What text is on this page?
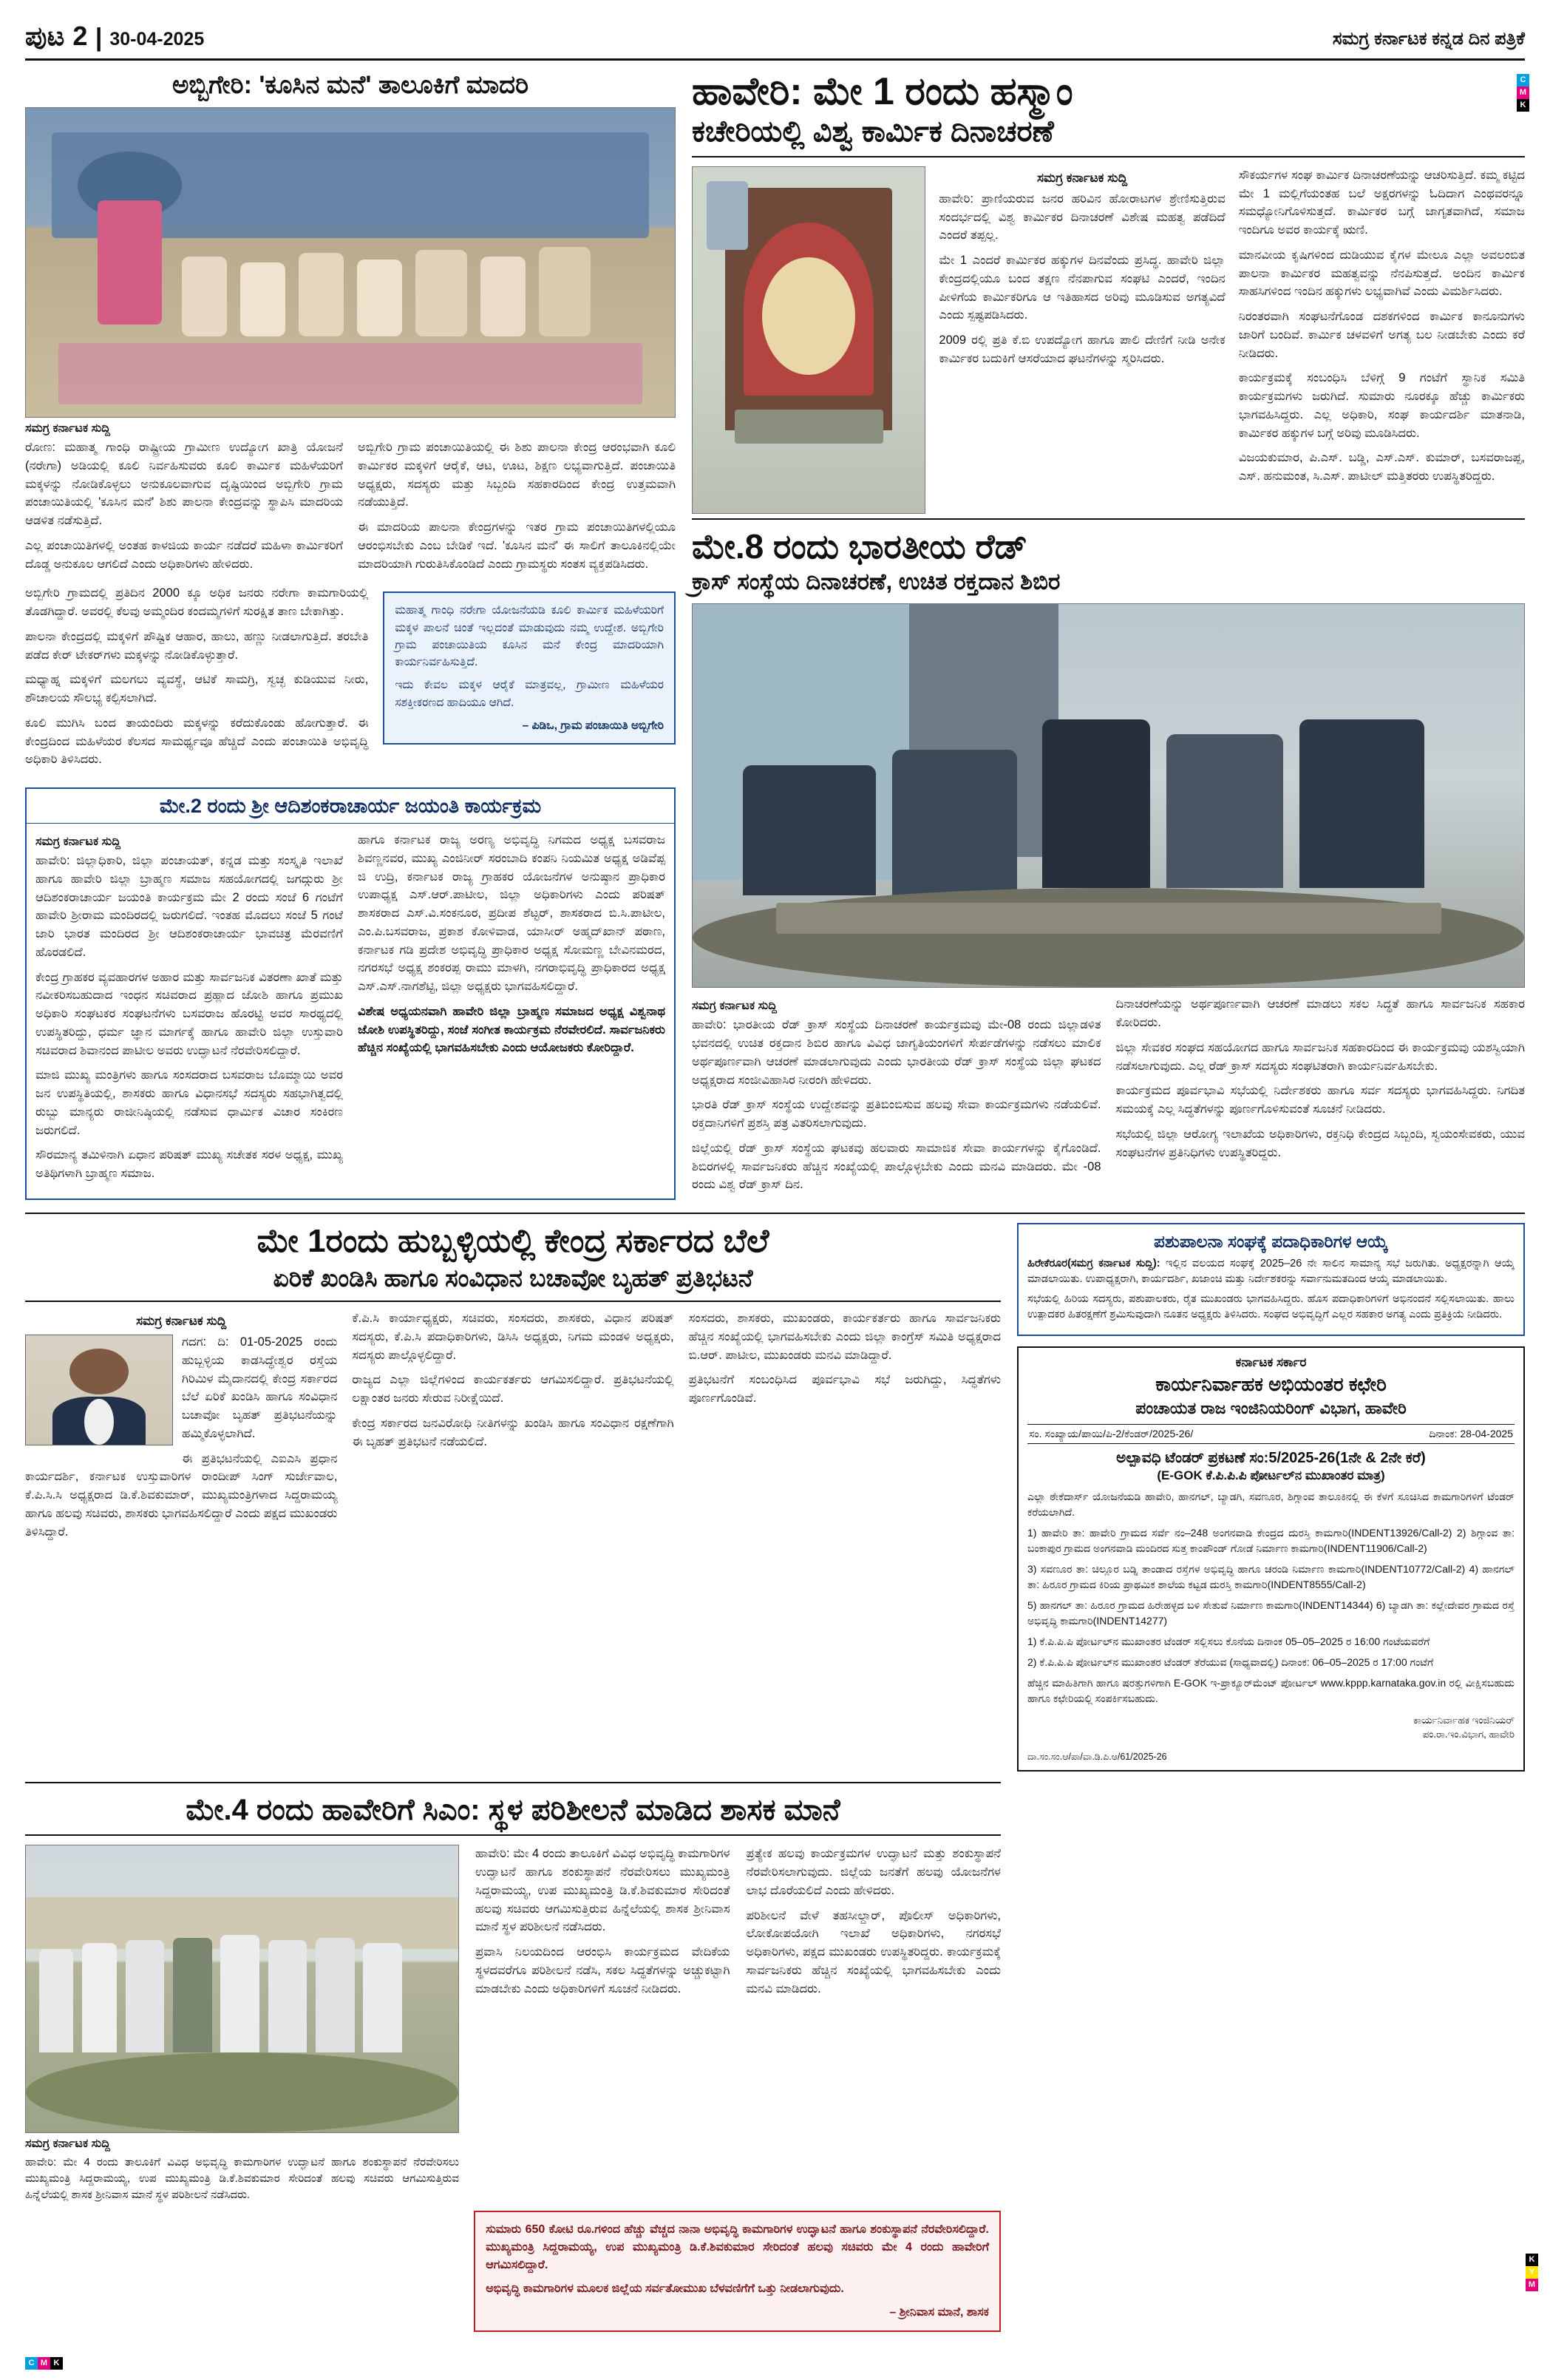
ಪುಟ 2 | 30-04-2025	ಸಮಗ್ರ ಕರ್ನಾಟಕ ಕನ್ನಡ ದಿನ ಪತ್ರಿಕೆ
ಅಬ್ಬಿಗೇರಿ: 'ಕೂಸಿನ ಮನೆ' ತಾಲೂಕಿಗೆ ಮಾದರಿ
ಸಮಗ್ರ ಕರ್ನಾಟಕ ಸುದ್ದಿ

ರೋಣ: ಮಹಾತ್ಮ ಗಾಂಧಿ ರಾಷ್ಟ್ರೀಯ ಗ್ರಾಮೀಣ ಉದ್ಯೋಗ ಖಾತ್ರಿ ಯೋಜನೆ (ನರೇಗಾ) ಅಡಿಯಲ್ಲಿ ಕೂಲಿ ನಿರ್ವಹಿಸುವರು ಕೂಲಿ ಕಾರ್ಮಿಕ ಮಹಿಳೆಯರಿಗೆ ಮಕ್ಕಳನ್ನು ನೋಡಿಕೊಳ್ಳಲು ಅನುಕೂಲವಾಗುವ ದೃಷ್ಟಿಯಿಂದ ಅಬ್ಬಿಗೇರಿ ಗ್ರಾಮ ಪಂಚಾಯಿತಿಯಲ್ಲಿ 'ಕೂಸಿನ ಮನೆ' ಶಿಶು ಪಾಲನಾ ಕೇಂದ್ರವನ್ನು ಸ್ಥಾಪಿಸಿ ಮಾದರಿಯ ಆಡಳಿತ ನಡೆಸುತ್ತಿದೆ.

ಎಲ್ಲ ಪಂಚಾಯಿತಿಗಳಲ್ಲಿ ಅಂತಹ ಕಾಳಜಿಯ ಕಾರ್ಯ ನಡೆದರೆ ಮಹಿಳಾ ಕಾರ್ಮಿಕರಿಗೆ ದೊಡ್ಡ ಅನುಕೂಲ ಆಗಲಿದೆ ಎಂದು ಅಧಿಕಾರಿಗಳು ಹೇಳಿದರು.

ಅಬ್ಬಿಗೇರಿ ಗ್ರಾಮ ಪಂಚಾಯಿತಿಯಲ್ಲಿ ಈ ಶಿಶು ಪಾಲನಾ ಕೇಂದ್ರ ಆರಂಭವಾಗಿ ಕೂಲಿ ಕಾರ್ಮಿಕರ ಮಕ್ಕಳಿಗೆ ಆರೈಕೆ, ಆಟ, ಊಟ, ಶಿಕ್ಷಣ ಲಭ್ಯವಾಗುತ್ತಿದೆ. ಪಂಚಾಯಿತಿ ಅಧ್ಯಕ್ಷರು, ಸದಸ್ಯರು ಮತ್ತು ಸಿಬ್ಬಂದಿ ಸಹಕಾರದಿಂದ ಕೇಂದ್ರ ಉತ್ತಮವಾಗಿ ನಡೆಯುತ್ತಿದೆ.

ಈ ಮಾದರಿಯ ಪಾಲನಾ ಕೇಂದ್ರಗಳನ್ನು ಇತರ ಗ್ರಾಮ ಪಂಚಾಯಿತಿಗಳಲ್ಲಿಯೂ ಆರಂಭಿಸಬೇಕು ಎಂಬ ಬೇಡಿಕೆ ಇದೆ. 'ಕೂಸಿನ ಮನೆ' ಈ ಸಾಲಿಗೆ ತಾಲೂಕಿನಲ್ಲಿಯೇ ಮಾದರಿಯಾಗಿ ಗುರುತಿಸಿಕೊಂಡಿದೆ ಎಂದು ಗ್ರಾಮಸ್ಥರು ಸಂತಸ ವ್ಯಕ್ತಪಡಿಸಿದರು.

ಅಬ್ಬಿಗೇರಿ ಗ್ರಾಮದಲ್ಲಿ ಪ್ರತಿದಿನ 2000 ಕ್ಕೂ ಅಧಿಕ ಜನರು ನರೇಗಾ ಕಾಮಗಾರಿಯಲ್ಲಿ ತೊಡಗಿದ್ದಾರೆ. ಅವರಲ್ಲಿ ಕೆಲವು ಅಮ್ಮಂದಿರ ಕಂದಮ್ಮಗಳಿಗೆ ಸುರಕ್ಷಿತ ತಾಣ ಬೇಕಾಗಿತ್ತು.

ಪಾಲನಾ ಕೇಂದ್ರದಲ್ಲಿ ಮಕ್ಕಳಿಗೆ ಪೌಷ್ಟಿಕ ಆಹಾರ, ಹಾಲು, ಹಣ್ಣು ನೀಡಲಾಗುತ್ತಿದೆ. ತರಬೇತಿ ಪಡೆದ ಕೇರ್ ಟೇಕರ್‌ಗಳು ಮಕ್ಕಳನ್ನು ನೋಡಿಕೊಳ್ಳುತ್ತಾರೆ.

ಮಧ್ಯಾಹ್ನ ಮಕ್ಕಳಿಗೆ ಮಲಗಲು ವ್ಯವಸ್ಥೆ, ಆಟಿಕೆ ಸಾಮಗ್ರಿ, ಸ್ವಚ್ಛ ಕುಡಿಯುವ ನೀರು, ಶೌಚಾಲಯ ಸೌಲಭ್ಯ ಕಲ್ಪಿಸಲಾಗಿದೆ.

ಕೂಲಿ ಮುಗಿಸಿ ಬಂದ ತಾಯಂದಿರು ಮಕ್ಕಳನ್ನು ಕರೆದುಕೊಂಡು ಹೋಗುತ್ತಾರೆ. ಈ ಕೇಂದ್ರದಿಂದ ಮಹಿಳೆಯರ ಕೆಲಸದ ಸಾಮರ್ಥ್ಯವೂ ಹೆಚ್ಚಿದೆ ಎಂದು ಪಂಚಾಯಿತಿ ಅಭಿವೃದ್ಧಿ ಅಧಿಕಾರಿ ತಿಳಿಸಿದರು.

ಮಹಾತ್ಮ ಗಾಂಧಿ ನರೇಗಾ ಯೋಜನೆಯಡಿ ಕೂಲಿ ಕಾರ್ಮಿಕ ಮಹಿಳೆಯರಿಗೆ ಮಕ್ಕಳ ಪಾಲನೆ ಚಿಂತೆ ಇಲ್ಲದಂತೆ ಮಾಡುವುದು ನಮ್ಮ ಉದ್ದೇಶ. ಅಬ್ಬಿಗೇರಿ ಗ್ರಾಮ ಪಂಚಾಯಿತಿಯ ಕೂಸಿನ ಮನೆ ಕೇಂದ್ರ ಮಾದರಿಯಾಗಿ ಕಾರ್ಯನಿರ್ವಹಿಸುತ್ತಿದೆ.

ಇದು ಕೇವಲ ಮಕ್ಕಳ ಆರೈಕೆ ಮಾತ್ರವಲ್ಲ, ಗ್ರಾಮೀಣ ಮಹಿಳೆಯರ ಸಶಕ್ತೀಕರಣದ ಹಾದಿಯೂ ಆಗಿದೆ.

– ಪಿಡಿಒ, ಗ್ರಾಮ ಪಂಚಾಯಿತಿ ಅಬ್ಬಿಗೇರಿ

ಮೇ.2 ರಂದು ಶ್ರೀ ಆದಿಶಂಕರಾಚಾರ್ಯ ಜಯಂತಿ ಕಾರ್ಯಕ್ರಮ
ಸಮಗ್ರ ಕರ್ನಾಟಕ ಸುದ್ದಿ

ಹಾವೇರಿ: ಜಿಲ್ಲಾಧಿಕಾರಿ, ಜಿಲ್ಲಾ ಪಂಚಾಯತ್, ಕನ್ನಡ ಮತ್ತು ಸಂಸ್ಕೃತಿ ಇಲಾಖೆ ಹಾಗೂ ಹಾವೇರಿ ಜಿಲ್ಲಾ ಬ್ರಾಹ್ಮಣ ಸಮಾಜ ಸಹಯೋಗದಲ್ಲಿ ಜಗದ್ಗುರು ಶ್ರೀ ಆದಿಶಂಕರಾಚಾರ್ಯ ಜಯಂತಿ ಕಾರ್ಯಕ್ರಮ ಮೇ 2 ರಂದು ಸಂಜೆ 6 ಗಂಟೆಗೆ ಹಾವೇರಿ ಶ್ರೀರಾಮ ಮಂದಿರದಲ್ಲಿ ಜರುಗಲಿದೆ. ಇಂತಹ ಮೊದಲು ಸಂಜೆ 5 ಗಂಟೆ ಜಾರಿ ಭಾರತ ಮಂದಿರದ ಶ್ರೀ ಆದಿಶಂಕರಾಚಾರ್ಯ ಭಾವಚಿತ್ರ ಮೆರವಣಿಗೆ ಹೊರಡಲಿದೆ.

ಕೇಂದ್ರ ಗ್ರಾಹಕರ ವ್ಯವಹಾರಗಳ ಅಹಾರ ಮತ್ತು ಸಾರ್ವಜನಿಕ ವಿತರಣಾ ಖಾತೆ ಮತ್ತು ನವೀಕರಿಸಬಹುದಾದ ಇಂಧನ ಸಚಿವರಾದ ಪ್ರಹ್ಲಾದ ಜೋಶಿ ಹಾಗೂ ಪ್ರಮುಖ ಅಧಿಕಾರಿ ಸಂಘಟಕರ ಸಂಘಟನೆಗಳು ಬಸವರಾಜ ಹೊರಟ್ಟಿ ಅವರ ಸಾರಥ್ಯದಲ್ಲಿ ಉಪಸ್ಥಿತರಿದ್ದು, ಧರ್ಮ ಜ್ಞಾನ ಮಾರ್ಗಕ್ಕೆ ಹಾಗೂ ಹಾವೇರಿ ಜಿಲ್ಲಾ ಉಸ್ತುವಾರಿ ಸಚಿವರಾದ ಶಿವಾನಂದ ಪಾಟೀಲ ಅವರು ಉದ್ಘಾಟನೆ ನೆರವೇರಿಸಲಿದ್ದಾರೆ.

ಮಾಜಿ ಮುಖ್ಯ ಮಂತ್ರಿಗಳು ಹಾಗೂ ಸಂಸದರಾದ ಬಸವರಾಜ ಬೊಮ್ಮಾಯಿ ಅವರ ಜನ ಉಪಸ್ಥಿತಿಯಲ್ಲಿ, ಶಾಸಕರು ಹಾಗೂ ವಿಧಾನಸಭೆ ಸದಸ್ಯರು ಸಹಭಾಗಿತ್ವದಲ್ಲಿ ರುಬ್ಬು ಮಾನ್ಯರು ರಾಜೀನಿಷ್ಠಿಯಲ್ಲಿ ನಡೆಸುವ ಧಾರ್ಮಿಕ ವಿಚಾರ ಸಂಕಿರಣ ಜರುಗಲಿದೆ.

ಸೌರಮಾನ್ಯ ತಮಿಳಿನಾಗಿ ಏಧಾನ ಪರಿಷತ್ ಮುಖ್ಯ ಸಚೇತಕ ಸರಳ ಅಧ್ಯಕ್ಷ, ಮುಖ್ಯ ಅತಿಥಿಗಳಾಗಿ ಬ್ರಾಹ್ಮಣ ಸಮಾಜ.

ಹಾಗೂ ಕರ್ನಾಟಕ ರಾಜ್ಯ ಅರಣ್ಯ ಅಭಿವೃದ್ಧಿ ನಿಗಮದ ಅಧ್ಯಕ್ಷ ಬಸವರಾಜ ಶಿವಣ್ಣನವರ, ಮುಖ್ಯ ಎಂಜಿನೀರ್ ಸರಂಬಾದಿ ಕಂಪನಿ ನಿಯಮಿತ ಅಧ್ಯಕ್ಷ ಅಡಿವೆಪ್ಪ ಜಿ ಉದ್ರಿ, ಕರ್ನಾಟಕ ರಾಜ್ಯ ಗ್ರಾಹಕರ ಯೋಜನೆಗಳ ಅನುಷ್ಠಾನ ಪ್ರಾಧಿಕಾರ ಉಪಾಧ್ಯಕ್ಷ ಎಸ್.ಆರ್.ಪಾಟೀಲ, ಜಿಲ್ಲಾ ಅಧಿಕಾರಿಗಳು ಎಂದು ಪರಿಷತ್ ಶಾಸಕರಾದ ಎಸ್.ವಿ.ಸಂಕನೂರ, ಪ್ರದೀಪ ಶೆಟ್ಟರ್, ಶಾಸಕರಾದ ಬಿ.ಸಿ.ಪಾಟೀಲ, ಎಂ.ಪಿ.ಬಸವರಾಜ, ಪ್ರಕಾಶ ಕೋಳಿವಾಡ, ಯಾಸೀರ್ ಅಹ್ಮದ್‌ಖಾನ್ ಪಠಾಣ, ಕರ್ನಾಟಕ ಗಡಿ ಪ್ರದೇಶ ಅಭಿವೃದ್ಧಿ ಪ್ರಾಧಿಕಾರ ಅಧ್ಯಕ್ಷ ಸೋಮಣ್ಣ ಬೇವಿನಮರದ, ನಗರಸಭೆ ಅಧ್ಯಕ್ಷ ಶಂಕರಪ್ಪ ರಾಮು ಮಾಳಗಿ, ನಗರಾಭಿವೃದ್ಧಿ ಪ್ರಾಧಿಕಾರದ ಅಧ್ಯಕ್ಷ ಎಸ್.ಎಸ್.ನಾಗಶೆಟ್ಟಿ, ಜಿಲ್ಲಾ ಅಧ್ಯಕ್ಷರು ಭಾಗವಹಿಸಲಿದ್ದಾರೆ.

ವಿಶೇಷ ಅಧ್ಯಯನವಾಗಿ ಹಾವೇರಿ ಜಿಲ್ಲಾ ಬ್ರಾಹ್ಮಣ ಸಮಾಜದ ಅಧ್ಯಕ್ಷ ವಿಶ್ವನಾಥ ಜೋಶಿ ಉಪಸ್ಥಿತರಿದ್ದು, ಸಂಜೆ ಸಂಗೀತ ಕಾರ್ಯಕ್ರಮ ನೆರವೇರಲಿದೆ. ಸಾರ್ವಜನಿಕರು ಹೆಚ್ಚಿನ ಸಂಖ್ಯೆಯಲ್ಲಿ ಭಾಗವಹಿಸಬೇಕು ಎಂದು ಆಯೋಜಕರು ಕೋರಿದ್ದಾರೆ.

ಹಾವೇರಿ: ಮೇ 1 ರಂದು ಹಸ್ಮಾಂ	C
M
K
ಕಚೇರಿಯಲ್ಲಿ ವಿಶ್ವ ಕಾರ್ಮಿಕ ದಿನಾಚರಣೆ
ಸಮಗ್ರ ಕರ್ನಾಟಕ ಸುದ್ದಿ

ಹಾವೇರಿ: ಪ್ರಾಣಿಯರುವ ಜನರ ಹರಿವಿನ ಹೋರಾಟಗಳ ಶ್ರೇಣಿಸುತ್ತಿರುವ ಸಂದರ್ಭದಲ್ಲಿ ವಿಶ್ವ ಕಾರ್ಮಿಕರ ದಿನಾಚರಣೆ ವಿಶೇಷ ಮಹತ್ವ ಪಡೆದಿದೆ ಎಂದರೆ ತಪ್ಪಲ್ಲ.

ಮೇ 1 ಎಂದರೆ ಕಾರ್ಮಿಕರ ಹಕ್ಕುಗಳ ದಿನವೆಂದು ಪ್ರಸಿದ್ಧ. ಹಾವೇರಿ ಜಿಲ್ಲಾ ಕೇಂದ್ರದಲ್ಲಿಯೂ ಬಂದ ತಕ್ಷಣ ನೆನಪಾಗುವ ಸಂಘಟಿ ಎಂದರೆ, ಇಂದಿನ ಪೀಳಿಗೆಯ ಕಾರ್ಮಿಕರಿಗೂ ಆ ಇತಿಹಾಸದ ಅರಿವು ಮೂಡಿಸುವ ಅಗತ್ಯವಿದೆ ಎಂದು ಸ್ಪಷ್ಟಪಡಿಸಿದರು.

2009 ರಲ್ಲಿ ಪ್ರತಿ ಕೆ.ಬಿ ಉಪದ್ಯೋಗ ಹಾಗೂ ಪಾಲಿ ದೇಣಿಗೆ ನೀಡಿ ಅನೇಕ ಕಾರ್ಮಿಕರ ಬದುಕಿಗೆ ಆಸರೆಯಾದ ಘಟನೆಗಳನ್ನು ಸ್ಮರಿಸಿದರು.

ಸೌಕರ್ಯಗಳ ಸಂಘ ಕಾರ್ಮಿಕ ದಿನಾಚರಣೆಯನ್ನು ಆಚರಿಸುತ್ತಿದೆ. ಕಮ್ಮ ಕಟ್ಟಿದ ಮೇ 1 ಮಲ್ಲಿಗೆಯಂತಹ ಬಲೆ ಅಕ್ಷರಗಳನ್ನು ಓದಿದಾಗ ಎಂಥವರನ್ನೂ ಸಮಧ್ಯೋನಿಗೊಳಿಸುತ್ತದೆ. ಕಾರ್ಮಿಕರ ಬಗ್ಗೆ ಜಾಗೃತವಾಗಿದೆ, ಸಮಾಜ ಇಂದಿಗೂ ಅವರ ಕಾರ್ಯಕ್ಕೆ ಋಣಿ.

ಮಾನವೀಯ ಕೃಷಿಗಳಿಂದ ದುಡಿಯುವ ಕೈಗಳ ಮೇಲೂ ಎಲ್ಲಾ ಅವಲಂಬಿತ ಪಾಲನಾ ಕಾರ್ಮಿಕರ ಮಹತ್ವವನ್ನು ನೆನಪಿಸುತ್ತದೆ. ಅಂದಿನ ಕಾರ್ಮಿಕ ಸಾಹಸಿಗಳಿಂದ ಇಂದಿನ ಹಕ್ಕುಗಳು ಲಭ್ಯವಾಗಿವೆ ಎಂದು ವಿಮರ್ಶಿಸಿದರು.

ನಿರಂತರವಾಗಿ ಸಂಘಟನೆಗೊಂಡ ದಶಕಗಳಿಂದ ಕಾರ್ಮಿಕ ಕಾನೂನುಗಳು ಜಾರಿಗೆ ಬಂದಿವೆ. ಕಾರ್ಮಿಕ ಚಳವಳಿಗೆ ಅಗತ್ಯ ಬಲ ನೀಡಬೇಕು ಎಂದು ಕರೆ ನೀಡಿದರು.

ಕಾರ್ಯಕ್ರಮಕ್ಕೆ ಸಂಬಂಧಿಸಿ ಬೆಳಿಗ್ಗೆ 9 ಗಂಟೆಗೆ ಸ್ಥಾನಿಕ ಸಮಿತಿ ಕಾರ್ಯಕ್ರಮಗಳು ಜರುಗಿದೆ. ಸುಮಾರು ನೂರಕ್ಕೂ ಹೆಚ್ಚು ಕಾರ್ಮಿಕರು ಭಾಗವಹಿಸಿದ್ದರು. ಎಲ್ಲ ಅಧಿಕಾರಿ, ಸಂಘ ಕಾರ್ಯದರ್ಶಿ ಮಾತನಾಡಿ, ಕಾರ್ಮಿಕರ ಹಕ್ಕುಗಳ ಬಗ್ಗೆ ಅರಿವು ಮೂಡಿಸಿದರು.

ವಿಜಯಕುಮಾರ, ಪಿ.ಎಸ್. ಬಡ್ಡಿ, ಎಸ್.ಎಸ್. ಕುಮಾರ್, ಬಸವರಾಜಪ್ಪ, ಎಸ್. ಹನುಮಂತ, ಸಿ.ಎಸ್. ಪಾಟೀಲ್ ಮತ್ತಿತರರು ಉಪಸ್ಥಿತರಿದ್ದರು.

ಮೇ.8 ರಂದು ಭಾರತೀಯ ರೆಡ್
ಕ್ರಾಸ್ ಸಂಸ್ಥೆಯ ದಿನಾಚರಣೆ, ಉಚಿತ ರಕ್ತದಾನ ಶಿಬಿರ
ಸಮಗ್ರ ಕರ್ನಾಟಕ ಸುದ್ದಿ

ಹಾವೇರಿ: ಭಾರತೀಯ ರೆಡ್ ಕ್ರಾಸ್ ಸಂಸ್ಥೆಯ ದಿನಾಚರಣೆ ಕಾರ್ಯಕ್ರಮವು ಮೇ-08 ರಂದು ಜಿಲ್ಲಾಡಳಿತ ಭವನದಲ್ಲಿ ಉಚಿತ ರಕ್ತದಾನ ಶಿಬಿರ ಹಾಗೂ ವಿವಿಧ ಜಾಗೃತಿಯಂಗಳಿಗೆ ಸೇರ್ಪಡೆಗಳನ್ನು ನಡೆಸಲು ಮಾಲಿಕ ಅರ್ಥಪೂರ್ಣವಾಗಿ ಆಚರಣೆ ಮಾಡಲಾಗುವುದು ಎಂದು ಭಾರತೀಯ ರೆಡ್ ಕ್ರಾಸ್ ಸಂಸ್ಥೆಯ ಜಿಲ್ಲಾ ಘಟಕದ ಅಧ್ಯಕ್ಷರಾದ ಸಂಜೀವಿಹಾಸಿರ ನೀರಂಗಿ ಹೇಳಿದರು.

ಭಾರತಿ ರೆಡ್ ಕ್ರಾಸ್ ಸಂಸ್ಥೆಯ ಉದ್ದೇಶವನ್ನು ಪ್ರತಿಬಿಂಬಿಸುವ ಹಲವು ಸೇವಾ ಕಾರ್ಯಕ್ರಮಗಳು ನಡೆಯಲಿವೆ. ರಕ್ತದಾನಿಗಳಿಗೆ ಪ್ರಶಸ್ತಿ ಪತ್ರ ವಿತರಿಸಲಾಗುವುದು.

ಜಿಲ್ಲೆಯಲ್ಲಿ ರೆಡ್ ಕ್ರಾಸ್ ಸಂಸ್ಥೆಯ ಘಟಕವು ಹಲವಾರು ಸಾಮಾಜಿಕ ಸೇವಾ ಕಾರ್ಯಗಳನ್ನು ಕೈಗೊಂಡಿದೆ. ಶಿಬಿರಗಳಲ್ಲಿ ಸಾರ್ವಜನಿಕರು ಹೆಚ್ಚಿನ ಸಂಖ್ಯೆಯಲ್ಲಿ ಪಾಲ್ಗೊಳ್ಳಬೇಕು ಎಂದು ಮನವಿ ಮಾಡಿದರು. ಮೇ -08 ರಂದು ವಿಶ್ವ ರೆಡ್ ಕ್ರಾಸ್ ದಿನ.

ದಿನಾಚರಣೆಯನ್ನು ಅರ್ಥಪೂರ್ಣವಾಗಿ ಆಚರಣೆ ಮಾಡಲು ಸಕಲ ಸಿದ್ಧತೆ ಹಾಗೂ ಸಾರ್ವಜನಿಕ ಸಹಕಾರ ಕೋರಿದರು.

ಜಿಲ್ಲಾ ಸೇವಕರ ಸಂಘದ ಸಹಯೋಗದ ಹಾಗೂ ಸಾರ್ವಜನಿಕ ಸಹಕಾರದಿಂದ ಈ ಕಾರ್ಯಕ್ರಮವು ಯಶಸ್ವಿಯಾಗಿ ನಡೆಸಲಾಗುವುದು. ಎಲ್ಲ ರೆಡ್ ಕ್ರಾಸ್ ಸದಸ್ಯರು ಸಂಘಟಿತರಾಗಿ ಕಾರ್ಯನಿರ್ವಹಿಸಬೇಕು.

ಕಾರ್ಯಕ್ರಮದ ಪೂರ್ವಭಾವಿ ಸಭೆಯಲ್ಲಿ ನಿರ್ದೇಶಕರು ಹಾಗೂ ಸರ್ವ ಸದಸ್ಯರು ಭಾಗವಹಿಸಿದ್ದರು. ನಿಗದಿತ ಸಮಯಕ್ಕೆ ಎಲ್ಲ ಸಿದ್ಧತೆಗಳನ್ನು ಪೂರ್ಣಗೊಳಿಸುವಂತೆ ಸೂಚನೆ ನೀಡಿದರು.

ಸಭೆಯಲ್ಲಿ ಜಿಲ್ಲಾ ಆರೋಗ್ಯ ಇಲಾಖೆಯ ಅಧಿಕಾರಿಗಳು, ರಕ್ತನಿಧಿ ಕೇಂದ್ರದ ಸಿಬ್ಬಂದಿ, ಸ್ವಯಂಸೇವಕರು, ಯುವ ಸಂಘಟನೆಗಳ ಪ್ರತಿನಿಧಿಗಳು ಉಪಸ್ಥಿತರಿದ್ದರು.

ಮೇ 1ರಂದು ಹುಬ್ಬಳ್ಳಿಯಲ್ಲಿ ಕೇಂದ್ರ ಸರ್ಕಾರದ ಬೆಲೆ
ಏರಿಕೆ ಖಂಡಿಸಿ ಹಾಗೂ ಸಂವಿಧಾನ ಬಚಾವೋ ಬೃಹತ್ ಪ್ರತಿಭಟನೆ
ಸಮಗ್ರ ಕರ್ನಾಟಕ ಸುದ್ದಿ

ಗದಗ: ದಿ: 01-05-2025 ರಂದು ಹುಬ್ಬಳ್ಳಿಯ ಕಾಡಸಿದ್ಧೇಶ್ವರ ರಸ್ತೆಯ ಗಿರಿಮಿಳ ಮೈದಾನದಲ್ಲಿ ಕೇಂದ್ರ ಸರ್ಕಾರದ ಬೆಲೆ ಏರಿಕೆ ಖಂಡಿಸಿ ಹಾಗೂ ಸಂವಿಧಾನ ಬಚಾವೋ ಬೃಹತ್ ಪ್ರತಿಭಟನೆಯನ್ನು ಹಮ್ಮಿಕೊಳ್ಳಲಾಗಿದೆ.

ಈ ಪ್ರತಿಭಟನೆಯಲ್ಲಿ ಎಐಎಸಿ ಪ್ರಧಾನ ಕಾರ್ಯದರ್ಶಿ, ಕರ್ನಾಟಕ ಉಸ್ತುವಾರಿಗಳ ರಾಂದೀಪ್ ಸಿಂಗ್ ಸುರ್ಜೇವಾಲ, ಕೆ.ಪಿ.ಸಿ.ಸಿ ಅಧ್ಯಕ್ಷರಾದ ಡಿ.ಕೆ.ಶಿವಕುಮಾರ್, ಮುಖ್ಯಮಂತ್ರಿಗಳಾದ ಸಿದ್ದರಾಮಯ್ಯ ಹಾಗೂ ಹಲವು ಸಚಿವರು, ಶಾಸಕರು ಭಾಗವಹಿಸಲಿದ್ದಾರೆ ಎಂದು ಪಕ್ಷದ ಮುಖಂಡರು ತಿಳಿಸಿದ್ದಾರೆ.

ಕೆ.ಪಿ.ಸಿ ಕಾರ್ಯಾಧ್ಯಕ್ಷರು, ಸಚಿವರು, ಸಂಸದರು, ಶಾಸಕರು, ವಿಧಾನ ಪರಿಷತ್ ಸದಸ್ಯರು, ಕೆ.ಪಿ.ಸಿ ಪದಾಧಿಕಾರಿಗಳು, ಡಿಸಿಸಿ ಅಧ್ಯಕ್ಷರು, ನಿಗಮ ಮಂಡಳಿ ಅಧ್ಯಕ್ಷರು, ಸದಸ್ಯರು ಪಾಲ್ಗೊಳ್ಳಲಿದ್ದಾರೆ.

ರಾಜ್ಯದ ಎಲ್ಲಾ ಜಿಲ್ಲೆಗಳಿಂದ ಕಾರ್ಯಕರ್ತರು ಆಗಮಿಸಲಿದ್ದಾರೆ. ಪ್ರತಿಭಟನೆಯಲ್ಲಿ ಲಕ್ಷಾಂತರ ಜನರು ಸೇರುವ ನಿರೀಕ್ಷೆಯಿದೆ.

ಕೇಂದ್ರ ಸರ್ಕಾರದ ಜನವಿರೋಧಿ ನೀತಿಗಳನ್ನು ಖಂಡಿಸಿ ಹಾಗೂ ಸಂವಿಧಾನ ರಕ್ಷಣೆಗಾಗಿ ಈ ಬೃಹತ್ ಪ್ರತಿಭಟನೆ ನಡೆಯಲಿದೆ.

ಸಂಸದರು, ಶಾಸಕರು, ಮುಖಂಡರು, ಕಾರ್ಯಕರ್ತರು ಹಾಗೂ ಸಾರ್ವಜನಿಕರು ಹೆಚ್ಚಿನ ಸಂಖ್ಯೆಯಲ್ಲಿ ಭಾಗವಹಿಸಬೇಕು ಎಂದು ಜಿಲ್ಲಾ ಕಾಂಗ್ರೆಸ್ ಸಮಿತಿ ಅಧ್ಯಕ್ಷರಾದ ಬಿ.ಆರ್. ಪಾಟೀಲ, ಮುಖಂಡರು ಮನವಿ ಮಾಡಿದ್ದಾರೆ.

ಪ್ರತಿಭಟನೆಗೆ ಸಂಬಂಧಿಸಿದ ಪೂರ್ವಭಾವಿ ಸಭೆ ಜರುಗಿದ್ದು, ಸಿದ್ಧತೆಗಳು ಪೂರ್ಣಗೊಂಡಿವೆ.

ಪಶುಪಾಲನಾ ಸಂಘಕ್ಕೆ ಪದಾಧಿಕಾರಿಗಳ ಆಯ್ಕೆ

ಹಿರೇಕೆರೂರ(ಸಮಗ್ರ ಕರ್ನಾಟಕ ಸುದ್ದಿ): ಇಲ್ಲಿನ ವಲಯದ ಸಂಘಕ್ಕೆ 2025–26 ನೇ ಸಾಲಿನ ಸಾಮಾನ್ಯ ಸಭೆ ಜರುಗಿತು. ಅಧ್ಯಕ್ಷರನ್ನಾಗಿ ಆಯ್ಕೆ ಮಾಡಲಾಯಿತು. ಉಪಾಧ್ಯಕ್ಷರಾಗಿ, ಕಾರ್ಯದರ್ಶಿ, ಖಜಾಂಚಿ ಮತ್ತು ನಿರ್ದೇಶಕರನ್ನು ಸರ್ವಾನುಮತದಿಂದ ಆಯ್ಕೆ ಮಾಡಲಾಯಿತು.

ಸಭೆಯಲ್ಲಿ ಹಿರಿಯ ಸದಸ್ಯರು, ಪಶುಪಾಲಕರು, ರೈತ ಮುಖಂಡರು ಭಾಗವಹಿಸಿದ್ದರು. ಹೊಸ ಪದಾಧಿಕಾರಿಗಳಿಗೆ ಅಭಿನಂದನೆ ಸಲ್ಲಿಸಲಾಯಿತು. ಹಾಲು ಉತ್ಪಾದಕರ ಹಿತರಕ್ಷಣೆಗೆ ಶ್ರಮಿಸುವುದಾಗಿ ನೂತನ ಅಧ್ಯಕ್ಷರು ತಿಳಿಸಿದರು. ಸಂಘದ ಅಭಿವೃದ್ಧಿಗೆ ಎಲ್ಲರ ಸಹಕಾರ ಅಗತ್ಯ ಎಂದು ಪ್ರತಿಕ್ರಿಯೆ ನೀಡಿದರು.

ಕರ್ನಾಟಕ ಸರ್ಕಾರ

ಕಾರ್ಯನಿರ್ವಾಹಕ ಅಭಿಯಂತರ ಕಛೇರಿ

ಪಂಚಾಯತ ರಾಜ ಇಂಜಿನಿಯರಿಂಗ್ ವಿಭಾಗ, ಹಾವೇರಿ

ಸಂ. ಸಂಖ್ಯಾಯ/ಪಾಯಿ/ಪಿ-2/ಕೆಂಡರ್/2025-26/	ದಿನಾಂಕ: 28-04-2025

ಅಲ್ಪಾವಧಿ ಟೆಂಡರ್ ಪ್ರಕಟಣೆ ಸಂ:5/2025-26(1ನೇ & 2ನೇ ಕರೆ)

(E-GOK ಕೆ.ಪಿ.ಪಿ.ಪಿ ಪೋರ್ಟಲ್‌ನ ಮುಖಾಂತರ ಮಾತ್ರ)

ಎಲ್ಲಾ ಠೇಕೆದಾರ್ಸ್ ಯೋಜನೆಯಡಿ ಹಾವೇರಿ, ಹಾನಗಲ್, ಬ್ಯಾಡಗಿ, ಸವಣೂರ, ಶಿಗ್ಗಾಂವ ತಾಲೂಕಿನಲ್ಲಿ ಈ ಕೆಳಗೆ ಸೂಚಿಸಿದ ಕಾಮಗಾರಿಗಳಿಗೆ ಟೆಂಡರ್ ಕರೆಯಲಾಗಿದೆ.

1) ಹಾವೇರಿ ತಾ: ಹಾವೇರಿ ಗ್ರಾಮದ ಸರ್ವೆ ನಂ–248 ಅಂಗನವಾಡಿ ಕೇಂದ್ರದ ದುರಸ್ತಿ ಕಾಮಗಾರಿ(INDENT13926/Call-2) 2) ಶಿಗ್ಗಾಂವ ತಾ: ಬಂಕಾಪುರ ಗ್ರಾಮದ ಅಂಗನವಾಡಿ ಮಂದಿರದ ಸುತ್ತ ಕಾಂಪೌಂಡ್ ಗೋಡೆ ನಿರ್ಮಾಣ ಕಾಮಗಾರಿ(INDENT11906/Call-2)

3) ಸವಣೂರ ತಾ: ಚಿಲ್ಲೂರ ಬಡ್ನಿ ತಾಂಡಾದ ರಸ್ತೆಗಳ ಅಭಿವೃದ್ಧಿ ಹಾಗೂ ಚರಂಡಿ ನಿರ್ಮಾಣ ಕಾಮಗಾರಿ(INDENT10772/Call-2) 4) ಹಾನಗಲ್ ತಾ: ಹಿರೂರ ಗ್ರಾಮದ ಕಿರಿಯ ಪ್ರಾಥಮಿಕ ಶಾಲೆಯ ಕಟ್ಟಡ ದುರಸ್ತಿ ಕಾಮಗಾರಿ(INDENT8555/Call-2)

5) ಹಾನಗಲ್ ತಾ: ಹಿರೂರ ಗ್ರಾಮದ ಹಿರೇಹಳ್ಳದ ಬಳಿ ಸೇತುವೆ ನಿರ್ಮಾಣ ಕಾಮಗಾರಿ(INDENT14344) 6) ಬ್ಯಾಡಗಿ ತಾ: ಕಲ್ಲೇದೇವರ ಗ್ರಾಮದ ರಸ್ತೆ ಅಭಿವೃದ್ಧಿ ಕಾಮಗಾರಿ(INDENT14277)

1) ಕೆ.ಪಿ.ಪಿ.ಪಿ ಪೋರ್ಟಲ್‌ನ ಮುಖಾಂತರ ಟೆಂಡರ್ ಸಲ್ಲಿಸಲು ಕೊನೆಯ ದಿನಾಂಕ 05–05–2025 ರ 16:00 ಗಂಟೆಯವರೆಗೆ

2) ಕೆ.ಪಿ.ಪಿ.ಪಿ ಪೋರ್ಟಲ್‌ನ ಮುಖಾಂತರ ಟೆಂಡರ್ ತೆರೆಯುವ (ಸಾಧ್ಯವಾದಲ್ಲಿ) ದಿನಾಂಕ: 06–05–2025 ರ 17:00 ಗಂಟೆಗೆ

ಹೆಚ್ಚಿನ ಮಾಹಿತಿಗಾಗಿ ಹಾಗೂ ಷರತ್ತುಗಳಿಗಾಗಿ E-GOK ಇ-ಪ್ರಾಕ್ಯೂರ್‌ಮೆಂಟ್ ಪೋರ್ಟಲ್ www.kppp.karnataka.gov.in ರಲ್ಲಿ ವೀಕ್ಷಿಸಬಹುದು ಹಾಗೂ ಕಛೇರಿಯಲ್ಲಿ ಸಂಪರ್ಕಿಸಬಹುದು.

ಕಾರ್ಯನಿರ್ವಾಹಕ ಇಂಜಿನಿಯರ್
ಪಂ.ರಾ.ಇಂ.ವಿಭಾಗ, ಹಾವೇರಿ

ದಾ.ಸಂ.ಸಂ.ಆ/ಪಾ/ವಾ.ಡಿ.ಪಿ.ಆ/61/2025-26

ಮೇ.4 ರಂದು ಹಾವೇರಿಗೆ ಸಿಎಂ: ಸ್ಥಳ ಪರಿಶೀಲನೆ ಮಾಡಿದ ಶಾಸಕ ಮಾನೆ
ಸಮಗ್ರ ಕರ್ನಾಟಕ ಸುದ್ದಿ

ಹಾವೇರಿ: ಮೇ 4 ರಂದು ತಾಲೂಕಿಗೆ ವಿವಿಧ ಅಭಿವೃದ್ಧಿ ಕಾಮಗಾರಿಗಳ ಉದ್ಘಾಟನೆ ಹಾಗೂ ಶಂಕುಸ್ಥಾಪನೆ ನೆರವೇರಿಸಲು ಮುಖ್ಯಮಂತ್ರಿ ಸಿದ್ದರಾಮಯ್ಯ, ಉಪ ಮುಖ್ಯಮಂತ್ರಿ ಡಿ.ಕೆ.ಶಿವಕುಮಾರ ಸೇರಿದಂತೆ ಹಲವು ಸಚಿವರು ಆಗಮಿಸುತ್ತಿರುವ ಹಿನ್ನೆಲೆಯಲ್ಲಿ ಶಾಸಕ ಶ್ರೀನಿವಾಸ ಮಾನೆ ಸ್ಥಳ ಪರಿಶೀಲನೆ ನಡೆಸಿದರು.

ಹಾವೇರಿ: ಮೇ 4 ರಂದು ತಾಲೂಕಿಗೆ ವಿವಿಧ ಅಭಿವೃದ್ಧಿ ಕಾಮಗಾರಿಗಳ ಉದ್ಘಾಟನೆ ಹಾಗೂ ಶಂಕುಸ್ಥಾಪನೆ ನೆರವೇರಿಸಲು ಮುಖ್ಯಮಂತ್ರಿ ಸಿದ್ದರಾಮಯ್ಯ, ಉಪ ಮುಖ್ಯಮಂತ್ರಿ ಡಿ.ಕೆ.ಶಿವಕುಮಾರ ಸೇರಿದಂತೆ ಹಲವು ಸಚಿವರು ಆಗಮಿಸುತ್ತಿರುವ ಹಿನ್ನೆಲೆಯಲ್ಲಿ ಶಾಸಕ ಶ್ರೀನಿವಾಸ ಮಾನೆ ಸ್ಥಳ ಪರಿಶೀಲನೆ ನಡೆಸಿದರು.

ಪ್ರವಾಸಿ ನಿಲಯದಿಂದ ಆರಂಭಿಸಿ ಕಾರ್ಯಕ್ರಮದ ವೇದಿಕೆಯ ಸ್ಥಳದವರೆಗೂ ಪರಿಶೀಲನೆ ನಡೆಸಿ, ಸಕಲ ಸಿದ್ಧತೆಗಳನ್ನು ಅಚ್ಚುಕಟ್ಟಾಗಿ ಮಾಡಬೇಕು ಎಂದು ಅಧಿಕಾರಿಗಳಿಗೆ ಸೂಚನೆ ನೀಡಿದರು.

ಪ್ರತ್ಯೇಕ ಹಲವು ಕಾರ್ಯಕ್ರಮಗಳ ಉದ್ಘಾಟನೆ ಮತ್ತು ಶಂಕುಸ್ಥಾಪನೆ ನೆರವೇರಿಸಲಾಗುವುದು. ಜಿಲ್ಲೆಯ ಜನತೆಗೆ ಹಲವು ಯೋಜನೆಗಳ ಲಾಭ ದೊರೆಯಲಿದೆ ಎಂದು ಹೇಳಿದರು.

ಪರಿಶೀಲನೆ ವೇಳೆ ತಹಸೀಲ್ದಾರ್, ಪೊಲೀಸ್ ಅಧಿಕಾರಿಗಳು, ಲೋಕೋಪಯೋಗಿ ಇಲಾಖೆ ಅಧಿಕಾರಿಗಳು, ನಗರಸಭೆ ಅಧಿಕಾರಿಗಳು, ಪಕ್ಷದ ಮುಖಂಡರು ಉಪಸ್ಥಿತರಿದ್ದರು. ಕಾರ್ಯಕ್ರಮಕ್ಕೆ ಸಾರ್ವಜನಿಕರು ಹೆಚ್ಚಿನ ಸಂಖ್ಯೆಯಲ್ಲಿ ಭಾಗವಹಿಸಬೇಕು ಎಂದು ಮನವಿ ಮಾಡಿದರು.

ಸುಮಾರು 650 ಕೋಟಿ ರೂ.ಗಳಿಂದ ಹೆಚ್ಚು ವೆಚ್ಚದ ನಾನಾ ಅಭಿವೃದ್ಧಿ ಕಾಮಗಾರಿಗಳ ಉದ್ಘಾಟನೆ ಹಾಗೂ ಶಂಕುಸ್ಥಾಪನೆ ನೆರವೇರಿಸಲಿದ್ದಾರೆ. ಮುಖ್ಯಮಂತ್ರಿ ಸಿದ್ದರಾಮಯ್ಯ, ಉಪ ಮುಖ್ಯಮಂತ್ರಿ ಡಿ.ಕೆ.ಶಿವಕುಮಾರ ಸೇರಿದಂತೆ ಹಲವು ಸಚಿವರು ಮೇ 4 ರಂದು ಹಾವೇರಿಗೆ ಆಗಮಿಸಲಿದ್ದಾರೆ.

ಅಭಿವೃದ್ಧಿ ಕಾಮಗಾರಿಗಳ ಮೂಲಕ ಜಿಲ್ಲೆಯ ಸರ್ವತೋಮುಖ ಬೆಳವಣಿಗೆಗೆ ಒತ್ತು ನೀಡಲಾಗುವುದು.

– ಶ್ರೀನಿವಾಸ ಮಾನೆ, ಶಾಸಕ

K
Y
M
C M K
